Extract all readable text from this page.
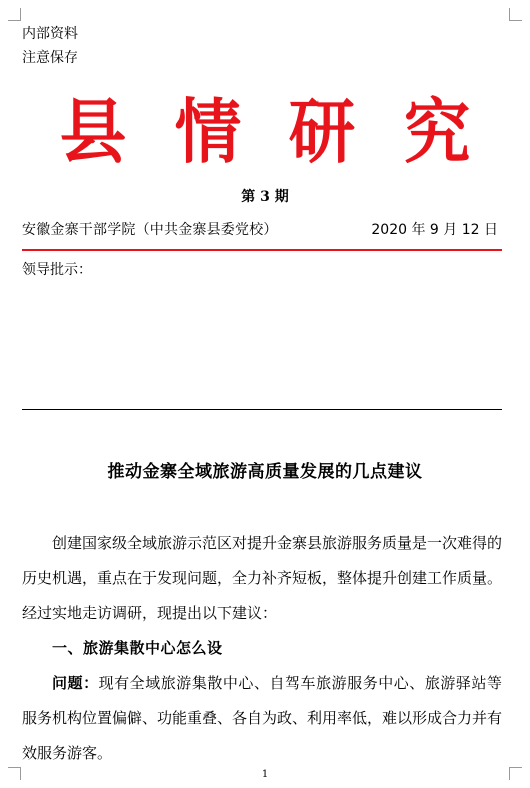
内部资料
注意保存
县 情 研 究
第 3 期
安徽金寨干部学院（中共金寨县委党校）	2020 年 9 月 12 日
领导批示：
推动金寨全域旅游高质量发展的几点建议

创建国家级全域旅游示范区对提升金寨县旅游服务质量是一次难得的历史机遇，重点在于发现问题，全力补齐短板，整体提升创建工作质量。经过实地走访调研，现提出以下建议：

一、旅游集散中心怎么设

问题：现有全域旅游集散中心、自驾车旅游服务中心、旅游驿站等服务机构位置偏僻、功能重叠、各自为政、利用率低，难以形成合力并有效服务游客。

1
